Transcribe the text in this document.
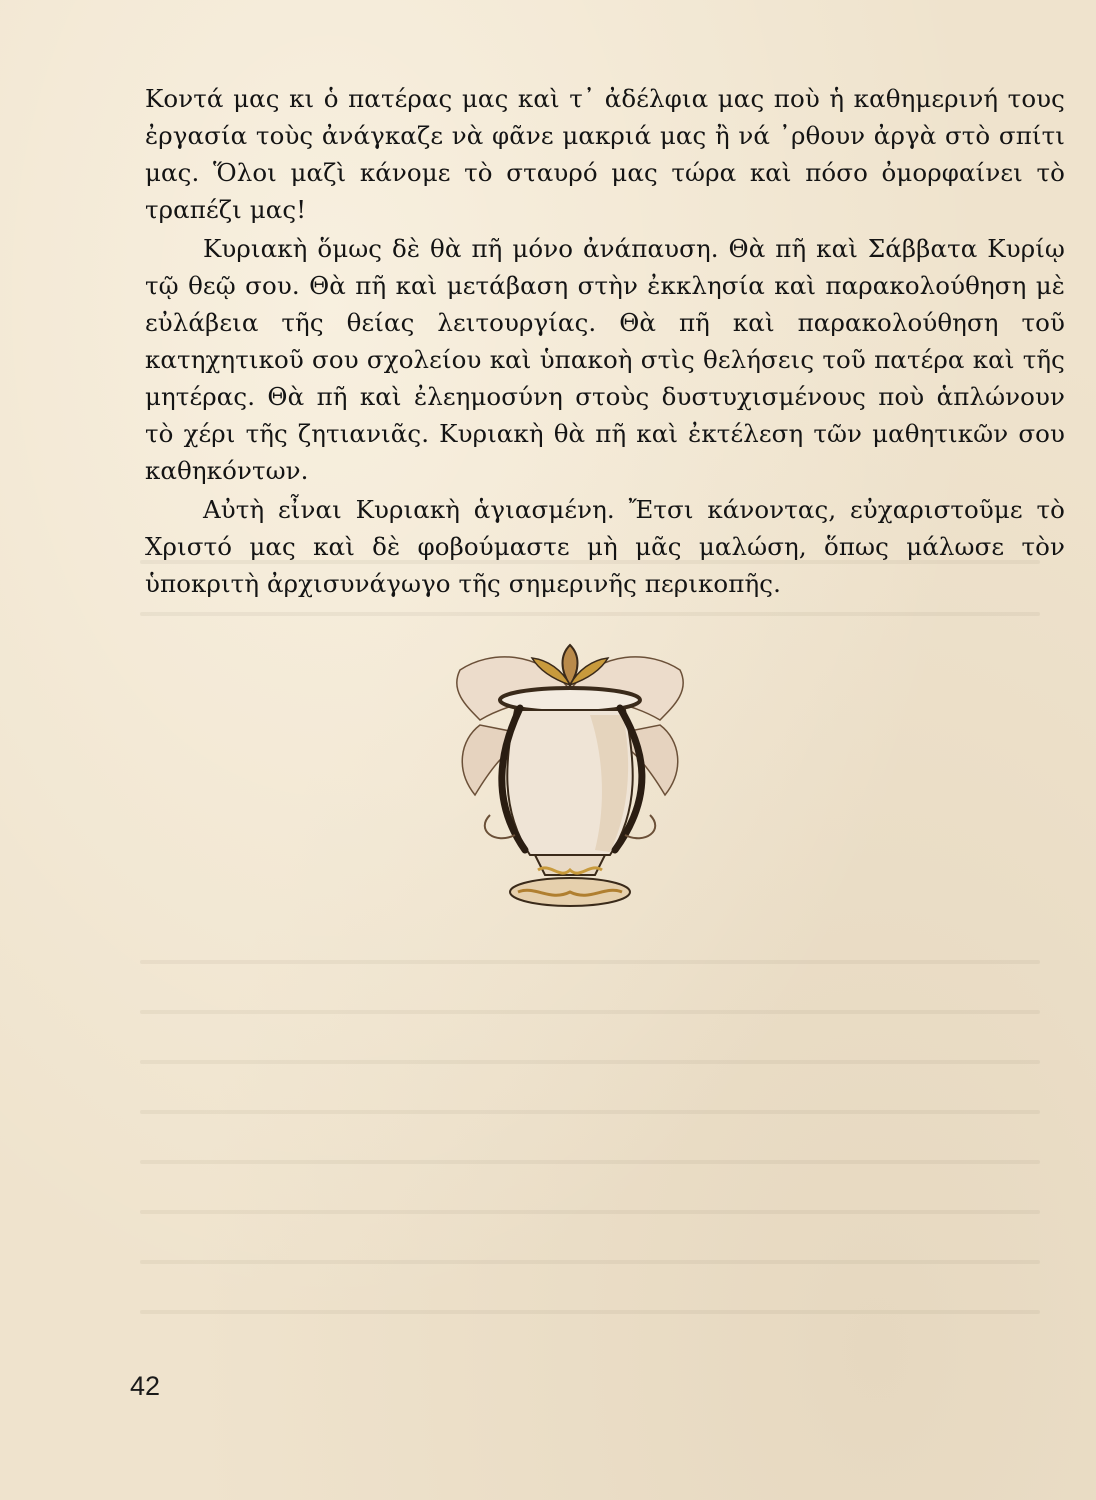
Κοντά μας κι ὁ πατέρας μας καὶ τ᾿ ἀδέλφια μας ποὺ ἡ καθημερινή τους ἐργασία τοὺς ἀνάγκαζε νὰ φᾶνε μακριά μας ἢ νά ᾿ρθουν ἀργὰ στὸ σπίτι μας. Ὅλοι μαζὶ κάνομε τὸ σταυρό μας τώρα καὶ πόσο ὀμορφαίνει τὸ τραπέζι μας!

Κυριακὴ ὅμως δὲ θὰ πῆ μόνο ἀνάπαυση. Θὰ πῆ καὶ Σάββατα Κυρίῳ τῷ θεῷ σου. Θὰ πῆ καὶ μετάβαση στὴν ἐκκλησία καὶ παρακολούθηση μὲ εὐλάβεια τῆς θείας λειτουργίας. Θὰ πῆ καὶ παρακολούθηση τοῦ κατηχητικοῦ σου σχολείου καὶ ὑπακοὴ στὶς θελήσεις τοῦ πατέρα καὶ τῆς μητέρας. Θὰ πῆ καὶ ἐλεημοσύνη στοὺς δυστυχισμένους ποὺ ἁπλώνουν τὸ χέρι τῆς ζητιανιᾶς. Κυριακὴ θὰ πῆ καὶ ἐκτέλεση τῶν μαθητικῶν σου καθηκόντων.

Αὐτὴ εἶναι Κυριακὴ ἁγιασμένη. Ἔτσι κάνοντας, εὐχαριστοῦμε τὸ Χριστό μας καὶ δὲ φοβούμαστε μὴ μᾶς μαλώση, ὅπως μάλωσε τὸν ὑποκριτὴ ἀρχισυνάγωγο τῆς σημερινῆς περικοπῆς.

42
